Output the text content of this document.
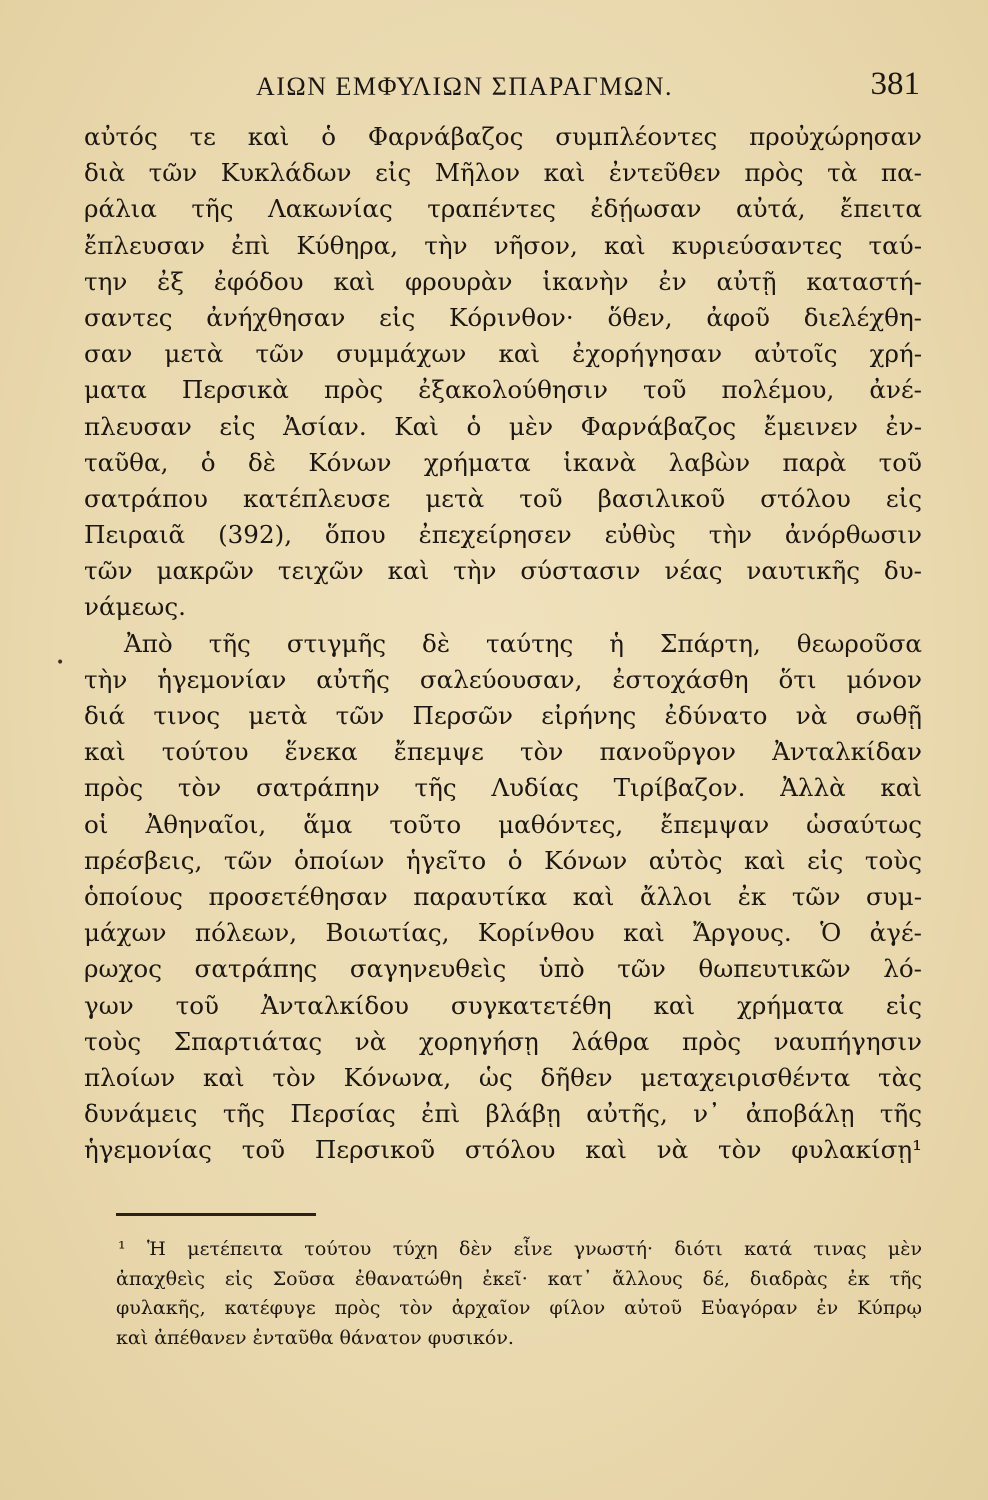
ΑΙΩΝ ΕΜΦΥΛΙΩΝ ΣΠΑΡΑΓΜΩΝ.	381
•
αὐτός τε καὶ ὁ Φαρνάβαζος συμπλέοντες προὐχώρησαν
διὰ τῶν Κυκλάδων εἰς Μῆλον καὶ ἐντεῦθεν πρὸς τὰ πα-
ράλια τῆς Λακωνίας τραπέντες ἐδῄωσαν αὐτά, ἔπειτα
ἔπλευσαν ἐπὶ Κύθηρα, τὴν νῆσον, καὶ κυριεύσαντες ταύ-
την ἐξ ἐφόδου καὶ φρουρὰν ἱκανὴν ἐν αὐτῇ καταστή-
σαντες ἀνήχθησαν εἰς Κόρινθον· ὅθεν, ἀφοῦ διελέχθη-
σαν μετὰ τῶν συμμάχων καὶ ἐχορήγησαν αὐτοῖς χρή-
ματα Περσικὰ πρὸς ἐξακολούθησιν τοῦ πολέμου, ἀνέ-
πλευσαν εἰς Ἀσίαν. Καὶ ὁ μὲν Φαρνάβαζος ἔμεινεν ἐν-
ταῦθα, ὁ δὲ Κόνων χρήματα ἱκανὰ λαβὼν παρὰ τοῦ
σατράπου κατέπλευσε μετὰ τοῦ βασιλικοῦ στόλου εἰς
Πειραιᾶ (392), ὅπου ἐπεχείρησεν εὐθὺς τὴν ἀνόρθωσιν
τῶν μακρῶν τειχῶν καὶ τὴν σύστασιν νέας ναυτικῆς δυ-
νάμεως.
Ἀπὸ τῆς στιγμῆς δὲ ταύτης ἡ Σπάρτη, θεωροῦσα
τὴν ἡγεμονίαν αὐτῆς σαλεύουσαν, ἐστοχάσθη ὅτι μόνον
διά τινος μετὰ τῶν Περσῶν εἰρήνης ἐδύνατο νὰ σωθῇ
καὶ τούτου ἕνεκα ἔπεμψε τὸν πανοῦργον Ἀνταλκίδαν
πρὸς τὸν σατράπην τῆς Λυδίας Τιρίβαζον. Ἀλλὰ καὶ
οἱ Ἀθηναῖοι, ἅμα τοῦτο μαθόντες, ἔπεμψαν ὡσαύτως
πρέσβεις, τῶν ὁποίων ἡγεῖτο ὁ Κόνων αὐτὸς καὶ εἰς τοὺς
ὁποίους προσετέθησαν παραυτίκα καὶ ἄλλοι ἐκ τῶν συμ-
μάχων πόλεων, Βοιωτίας, Κορίνθου καὶ Ἄργους. Ὁ ἀγέ-
ρωχος σατράπης σαγηνευθεὶς ὑπὸ τῶν θωπευτικῶν λό-
γων τοῦ Ἀνταλκίδου συγκατετέθη καὶ χρήματα εἰς
τοὺς Σπαρτιάτας νὰ χορηγήσῃ λάθρα πρὸς ναυπήγησιν
πλοίων καὶ τὸν Κόνωνα, ὡς δῆθεν μεταχειρισθέντα τὰς
δυνάμεις τῆς Περσίας ἐπὶ βλάβῃ αὐτῆς, ν᾽ ἀποβάλῃ τῆς
ἡγεμονίας τοῦ Περσικοῦ στόλου καὶ νὰ τὸν φυλακίσῃ¹
¹ Ἡ μετέπειτα τούτου τύχη δὲν εἶνε γνωστή· διότι κατά τινας μὲν
ἀπαχθεὶς εἰς Σοῦσα ἐθανατώθη ἐκεῖ· κατ᾽ ἄλλους δέ, διαδρὰς ἐκ τῆς
φυλακῆς, κατέφυγε πρὸς τὸν ἀρχαῖον φίλον αὐτοῦ Εὐαγόραν ἐν Κύπρῳ
καὶ ἀπέθανεν ἐνταῦθα θάνατον φυσικόν.
